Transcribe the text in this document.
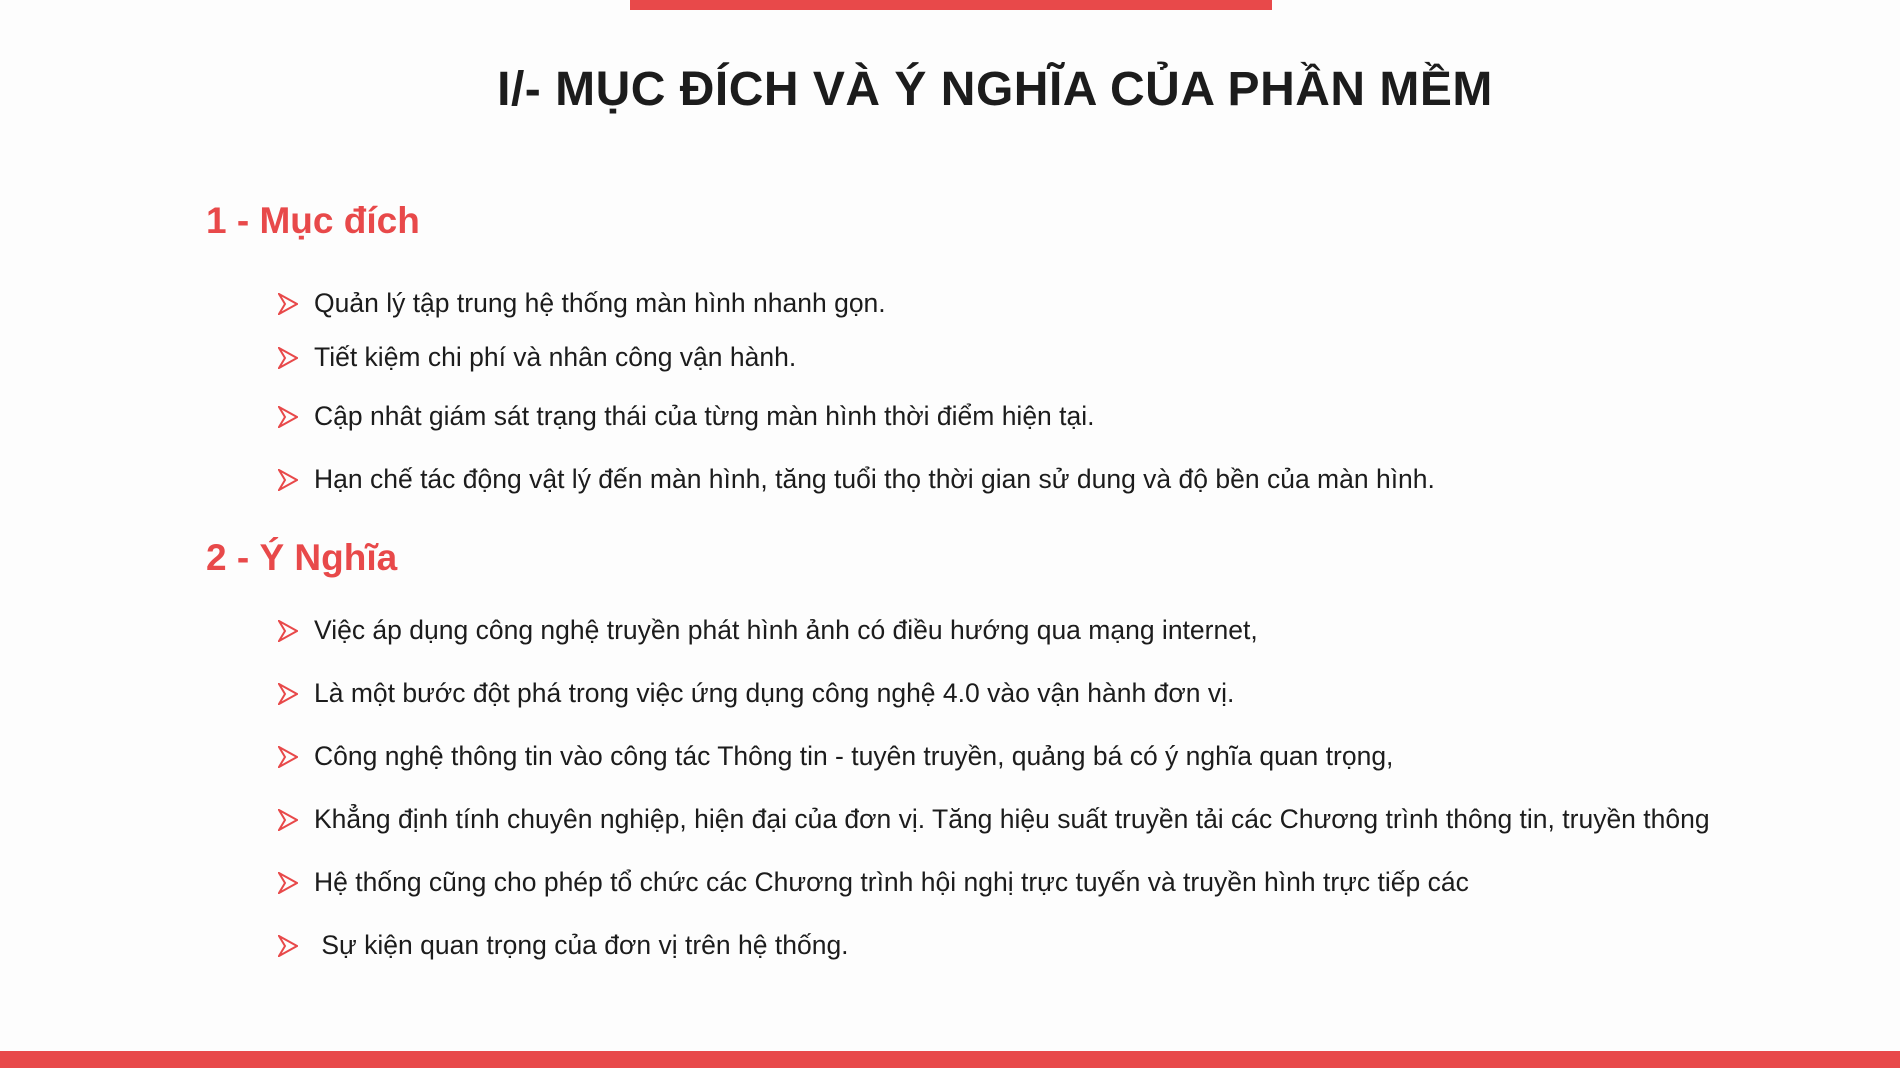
I/- MỤC ĐÍCH VÀ Ý NGHĨA CỦA PHẦN MỀM
1 - Mục đích
Quản lý tập trung hệ thống màn hình nhanh gọn.
Tiết kiệm chi phí và nhân công vận hành.
Cập nhât giám sát trạng thái của từng màn hình thời điểm hiện tại.
Hạn chế tác động vật lý đến màn hình, tăng tuổi thọ thời gian sử dung và độ bền của màn hình.
2 - Ý Nghĩa
Việc áp dụng công nghệ truyền phát hình ảnh có điều hướng qua mạng internet,
Là một bước đột phá trong việc ứng dụng công nghệ 4.0 vào vận hành đơn vị.
Công nghệ thông tin vào công tác Thông tin - tuyên truyền, quảng bá có ý nghĩa quan trọng,
Khẳng định tính chuyên nghiệp, hiện đại của đơn vị. Tăng hiệu suất truyền tải các Chương trình thông tin, truyền thông
Hệ thống cũng cho phép tổ chức các Chương trình hội nghị trực tuyến và truyền hình trực tiếp các
Sự kiện quan trọng của đơn vị trên hệ thống.
